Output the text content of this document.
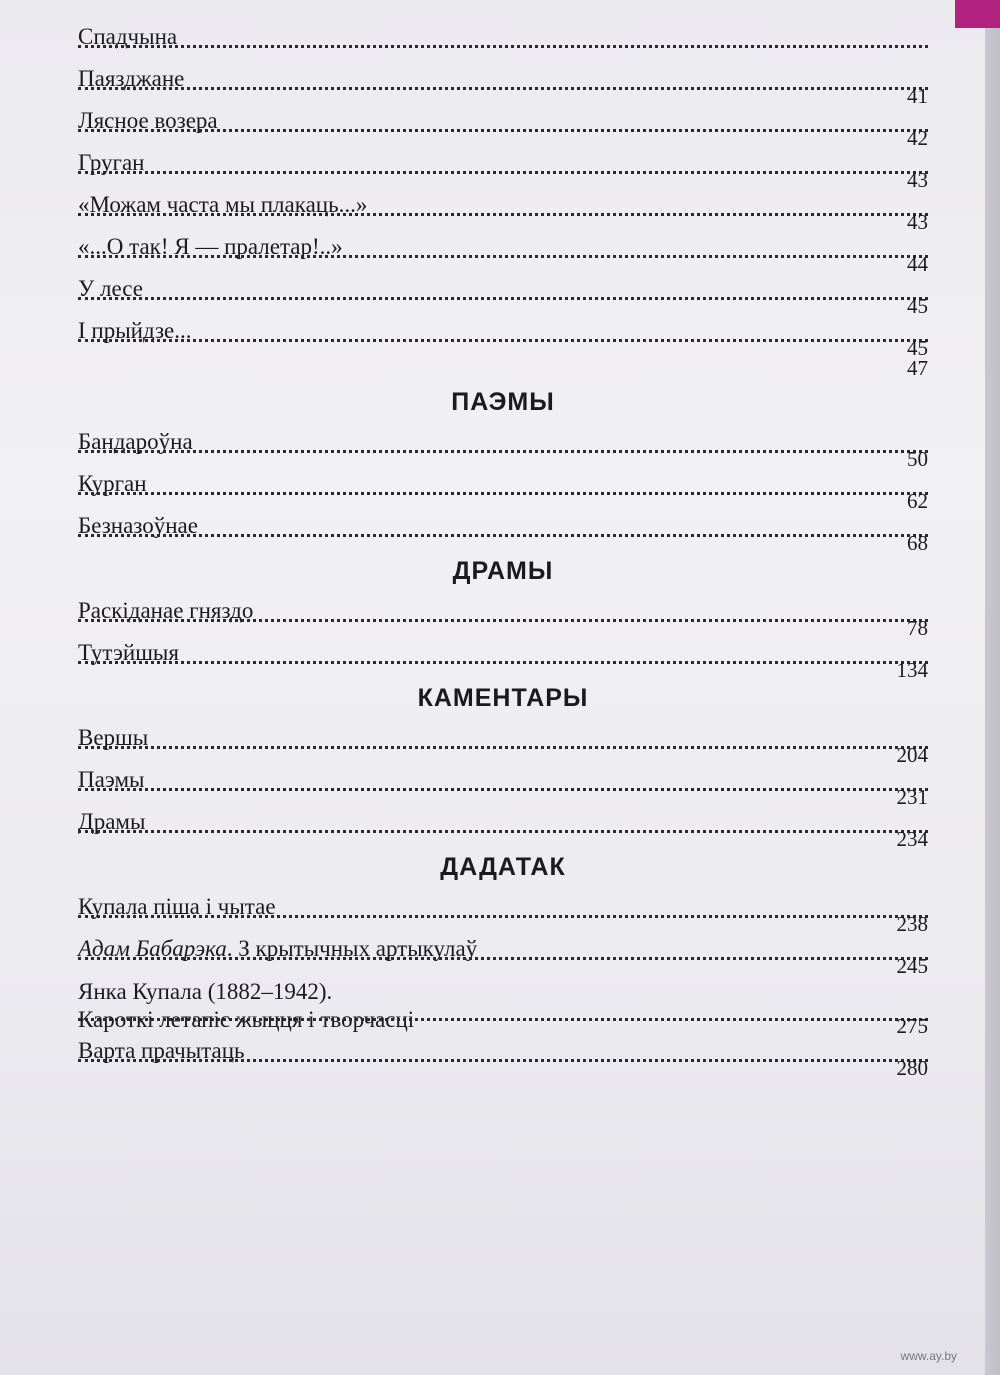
Спадчына
Паязджане
41
Лясное возера
42
Груган
43
«Можам часта мы плакаць...»
43
«...О так! Я — пралетар!..»
44
У лесе
45
І прыйдзе...
45
47
ПАЭМЫ
Бандароўна
50
Курган
62
Безназоўнае
68
ДРАМЫ
Раскіданае гняздо
78
Тутэйшыя
134
КАМЕНТАРЫ
Вершы
204
Паэмы
231
Драмы
234
ДАДАТАК
Купала піша і чытае
238
Адам Бабарэка. З крытычных артыкулаў
245
Янка Купала (1882–1942).
Кароткі летапіс жыцця і творчасці	275
Варта прачытаць
280
www.ay.by
